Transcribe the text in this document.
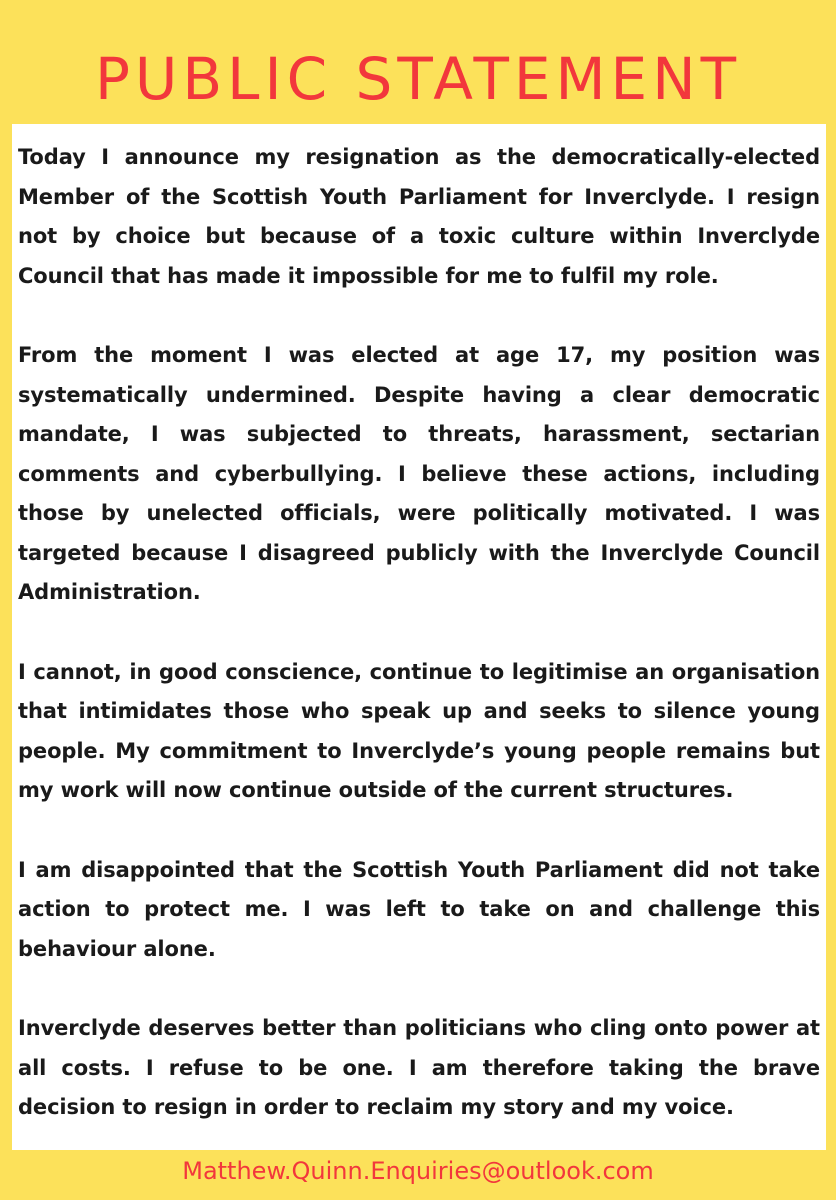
PUBLIC STATEMENT

Today I announce my resignation as the democratically-elected Member of the Scottish Youth Parliament for Inverclyde. I resign not by choice but because of a toxic culture within Inverclyde Council that has made it impossible for me to fulfil my role.

From the moment I was elected at age 17, my position was systematically undermined. Despite having a clear democratic mandate, I was subjected to threats, harassment, sectarian comments and cyberbullying. I believe these actions, including those by unelected officials, were politically motivated. I was targeted because I disagreed publicly with the Inverclyde Council Administration.

I cannot, in good conscience, continue to legitimise an organisation that intimidates those who speak up and seeks to silence young people. My commitment to Inverclyde’s young people remains but my work will now continue outside of the current structures.

I am disappointed that the Scottish Youth Parliament did not take action to protect me. I was left to take on and challenge this behaviour alone.

Inverclyde deserves better than politicians who cling onto power at all costs. I refuse to be one. I am therefore taking the brave decision to resign in order to reclaim my story and my voice.

Matthew.Quinn.Enquiries@outlook.com
